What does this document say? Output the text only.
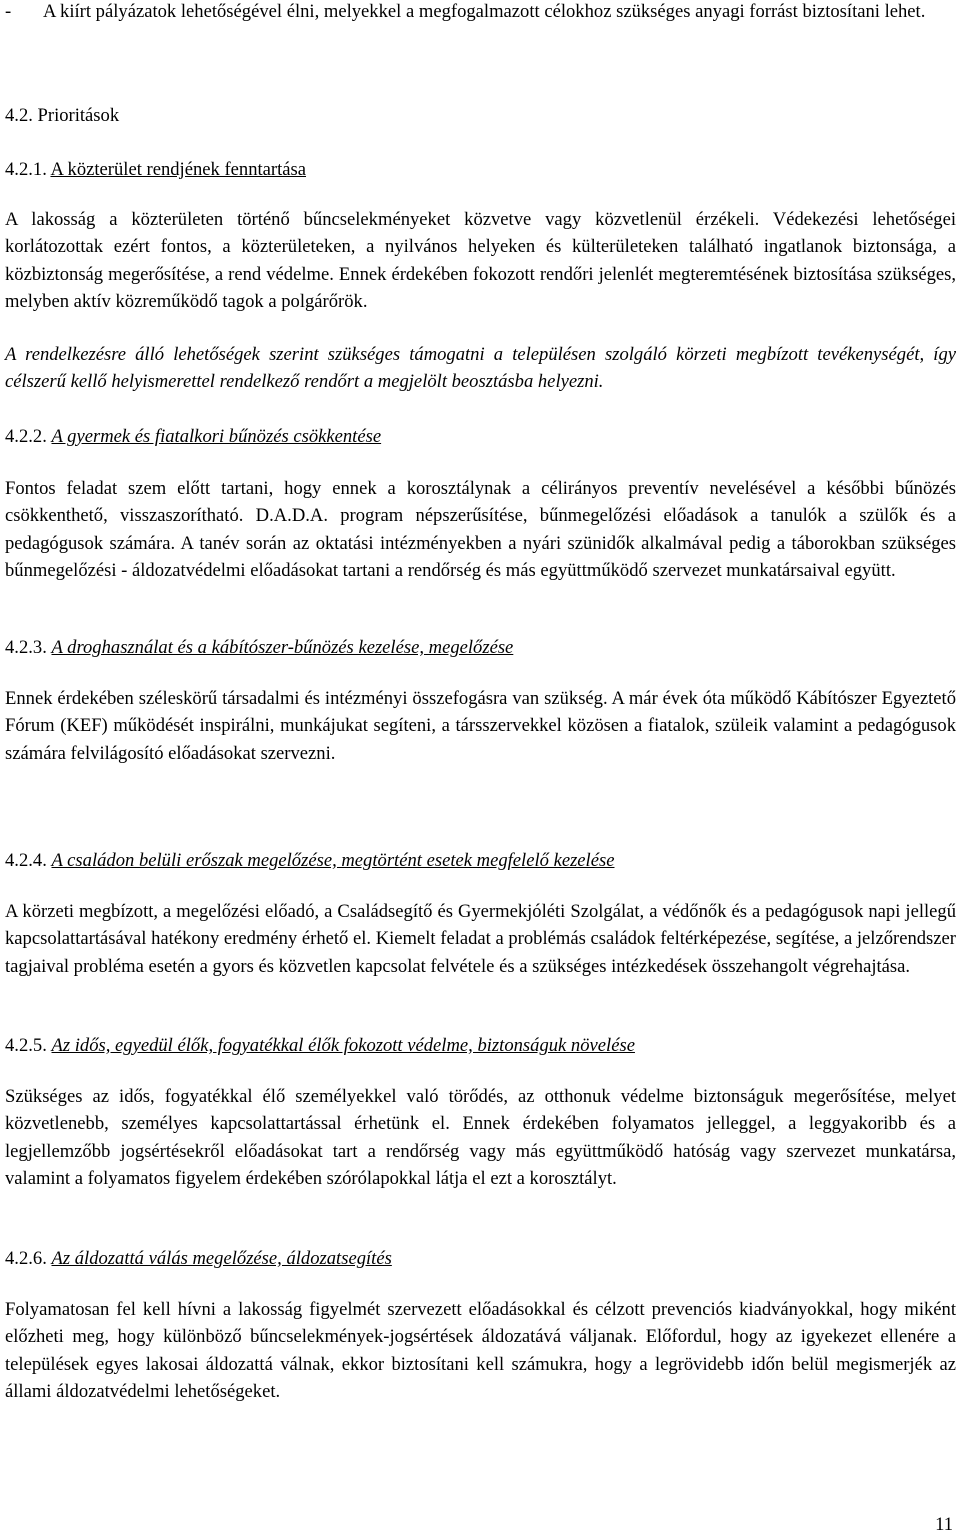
-	A kiírt pályázatok lehetőségével élni, melyekkel a megfogalmazott célokhoz szükséges anyagi forrást biztosítani lehet.
4.2. Prioritások
4.2.1. A közterület rendjének fenntartása

A lakosság a közterületen történő bűncselekményeket közvetve vagy közvetlenül érzékeli. Védekezési lehetőségei korlátozottak ezért fontos, a közterületeken, a nyilvános helyeken és külterületeken található ingatlanok biztonsága, a közbiztonság megerősítése, a rend védelme. Ennek érdekében fokozott rendőri jelenlét megteremtésének biztosítása szükséges, melyben aktív közreműködő tagok a polgárőrök.

A rendelkezésre álló lehetőségek szerint szükséges támogatni a településen szolgáló körzeti megbízott tevékenységét, így célszerű kellő helyismerettel rendelkező rendőrt a megjelölt beosztásba helyezni.

4.2.2. A gyermek és fiatalkori bűnözés csökkentése

Fontos feladat szem előtt tartani, hogy ennek a korosztálynak a célirányos preventív nevelésével a későbbi bűnözés csökkenthető, visszaszorítható. D.A.D.A. program népszerűsítése, bűnmegelőzési előadások a tanulók a szülők és a pedagógusok számára. A tanév során az oktatási intézményekben a nyári szünidők alkalmával pedig a táborokban szükséges bűnmegelőzési - áldozatvédelmi előadásokat tartani a rendőrség és más együttműködő szervezet munkatársaival együtt.

4.2.3. A droghasználat és a kábítószer-bűnözés kezelése, megelőzése

Ennek érdekében széleskörű társadalmi és intézményi összefogásra van szükség. A már évek óta működő Kábítószer Egyeztető Fórum (KEF) működését inspirálni, munkájukat segíteni, a társszervekkel közösen a fiatalok, szüleik valamint a pedagógusok számára felvilágosító előadásokat szervezni.

4.2.4. A családon belüli erőszak megelőzése, megtörtént esetek megfelelő kezelése

A körzeti megbízott, a megelőzési előadó, a Családsegítő és Gyermekjóléti Szolgálat, a védőnők és a pedagógusok napi jellegű kapcsolattartásával hatékony eredmény érhető el. Kiemelt feladat a problémás családok feltérképezése, segítése, a jelzőrendszer tagjaival probléma esetén a gyors és közvetlen kapcsolat felvétele és a szükséges intézkedések összehangolt végrehajtása.

4.2.5. Az idős, egyedül élők, fogyatékkal élők fokozott védelme, biztonságuk növelése

Szükséges az idős, fogyatékkal élő személyekkel való törődés, az otthonuk védelme biztonságuk megerősítése, melyet közvetlenebb, személyes kapcsolattartással érhetünk el. Ennek érdekében folyamatos jelleggel, a leggyakoribb és a legjellemzőbb jogsértésekről előadásokat tart a rendőrség vagy más együttműködő hatóság vagy szervezet munkatársa, valamint a folyamatos figyelem érdekében szórólapokkal látja el ezt a korosztályt.

4.2.6. Az áldozattá válás megelőzése, áldozatsegítés

Folyamatosan fel kell hívni a lakosság figyelmét szervezett előadásokkal és célzott prevenciós kiadványokkal, hogy miként előzheti meg, hogy különböző bűncselekmények-jogsértések áldozatává váljanak. Előfordul, hogy az igyekezet ellenére a települések egyes lakosai áldozattá válnak, ekkor biztosítani kell számukra, hogy a legrövidebb időn belül megismerjék az állami áldozatvédelmi lehetőségeket.

11
